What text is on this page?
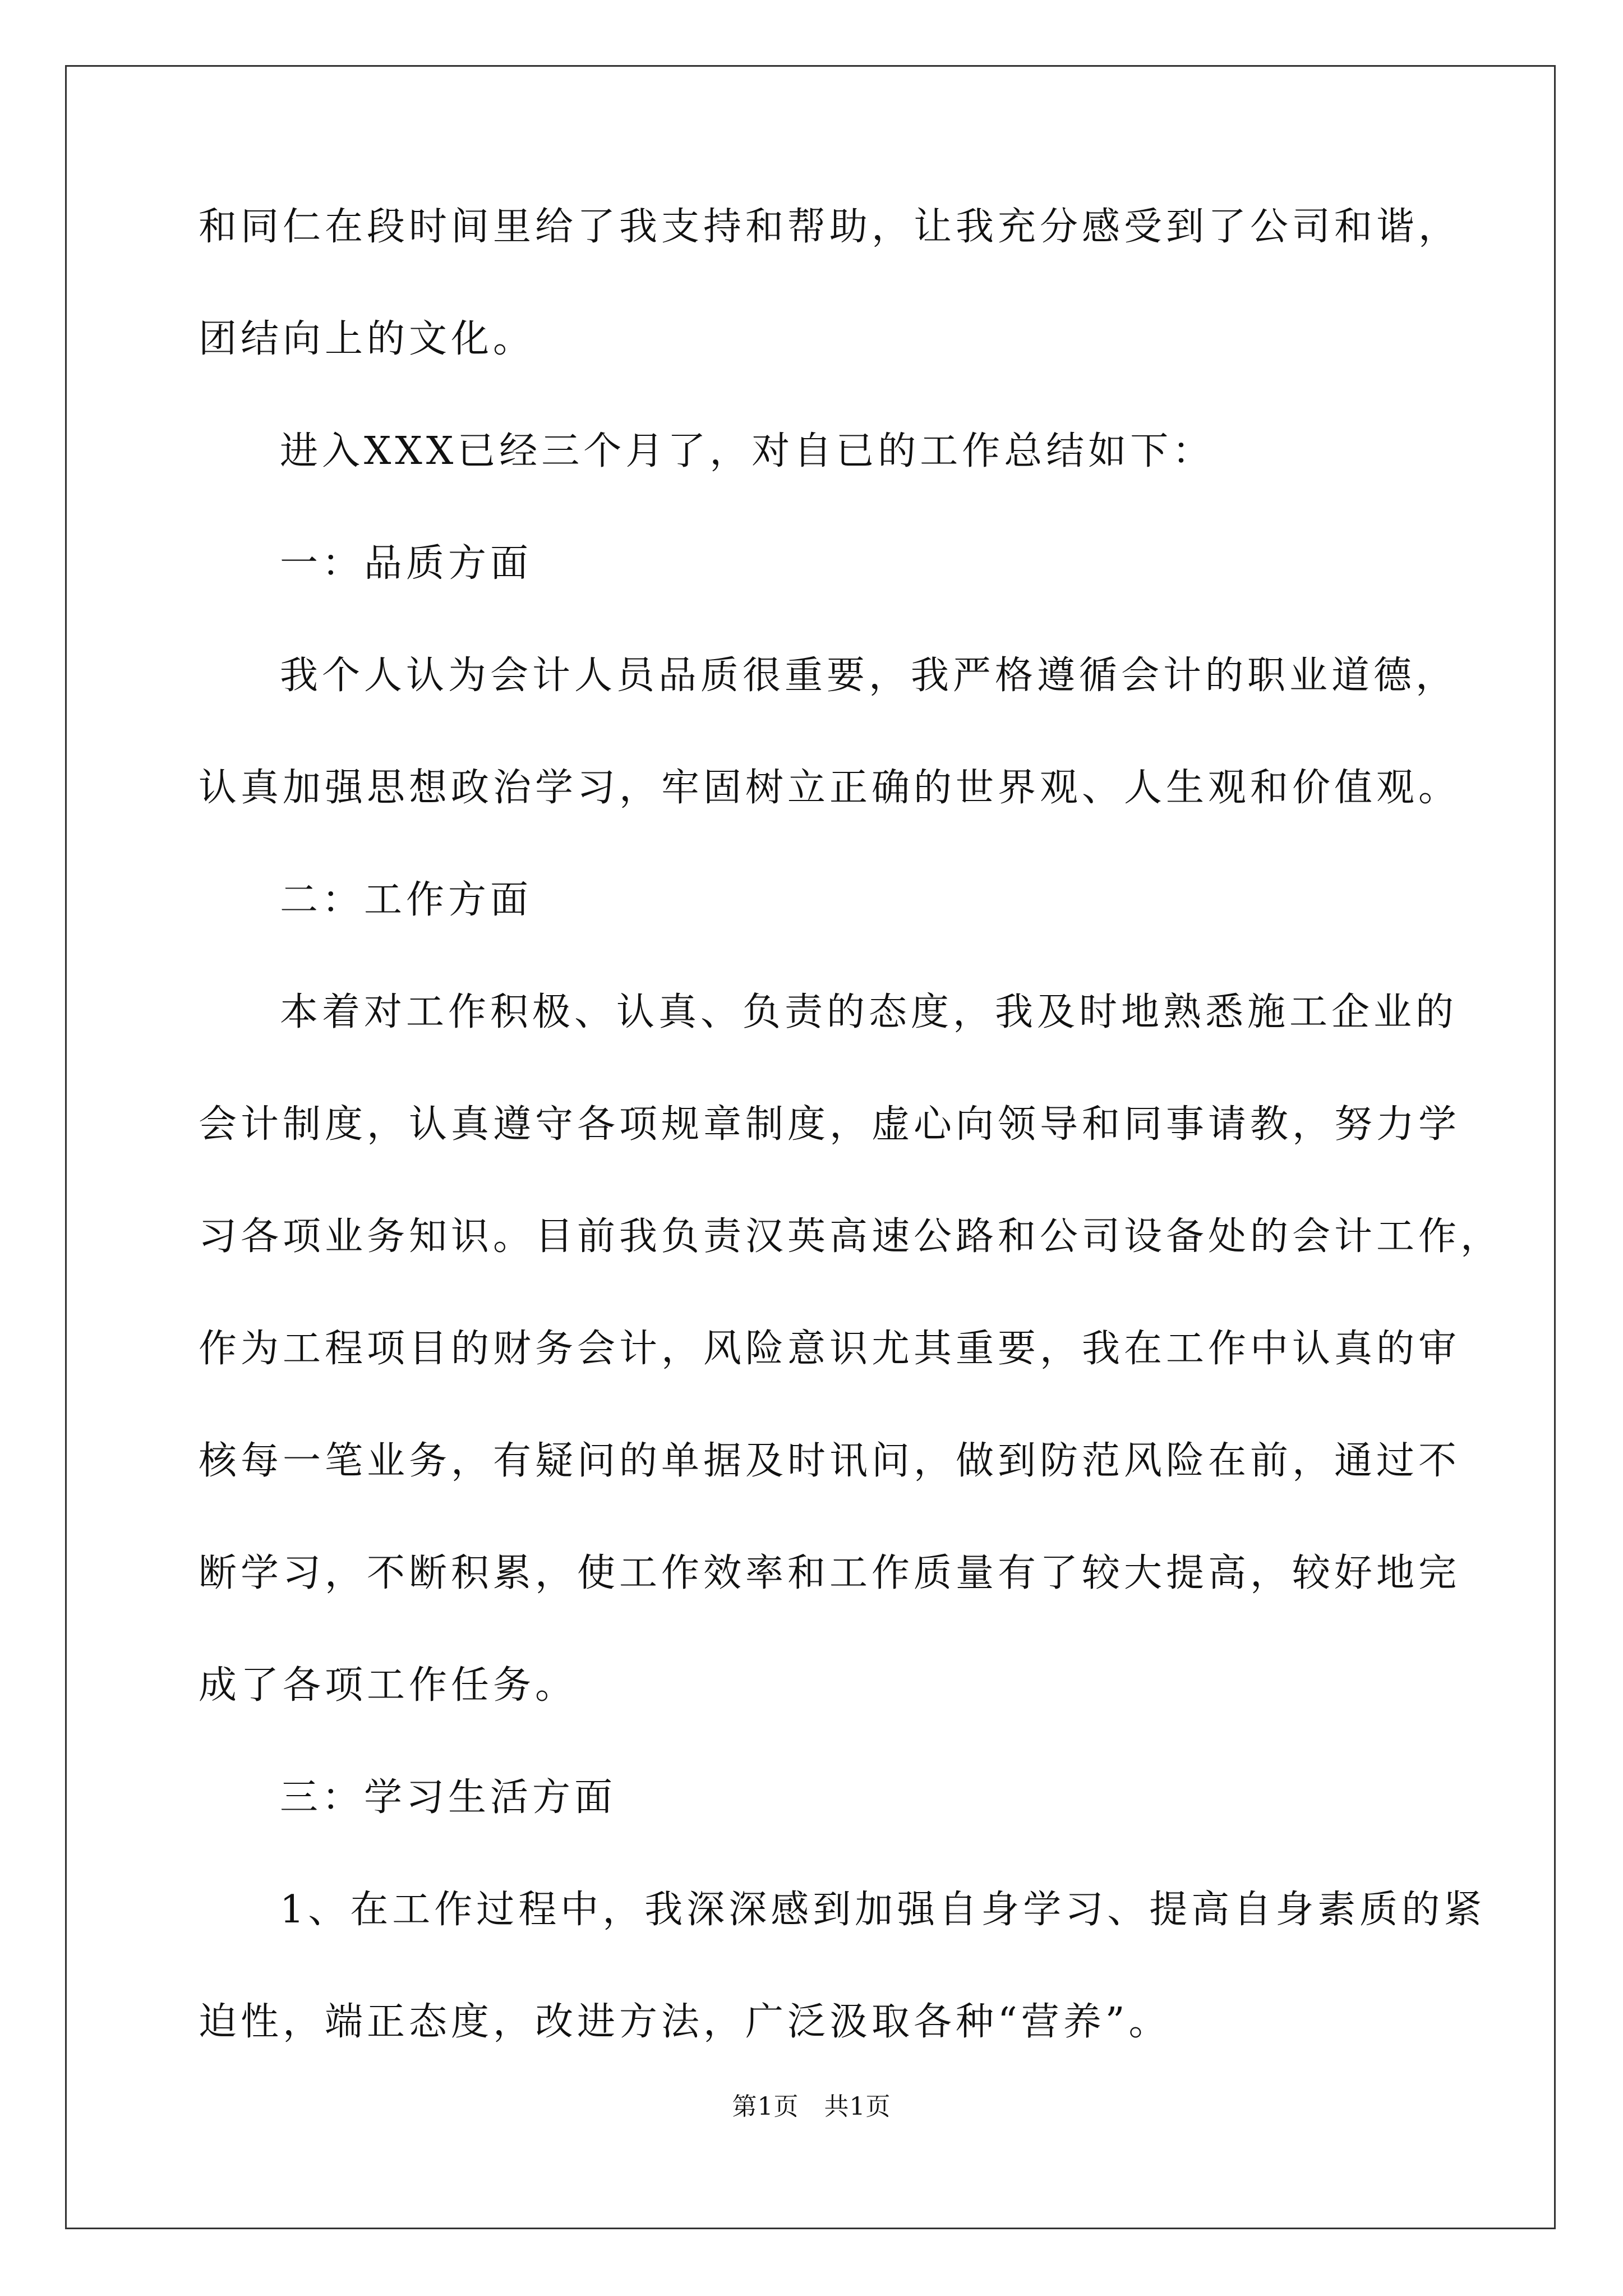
和同仁在段时间里给了我支持和帮助，让我充分感受到了公司和谐，
团结向上的文化。
进入XXX已经三个月了，对自已的工作总结如下：
一：品质方面
我个人认为会计人员品质很重要，我严格遵循会计的职业道德，
认真加强思想政治学习，牢固树立正确的世界观、人生观和价值观。
二：工作方面
本着对工作积极、认真、负责的态度，我及时地熟悉施工企业的
会计制度，认真遵守各项规章制度，虚心向领导和同事请教，努力学
习各项业务知识。目前我负责汉英高速公路和公司设备处的会计工作，
作为工程项目的财务会计，风险意识尤其重要，我在工作中认真的审
核每一笔业务，有疑问的单据及时讯问，做到防范风险在前，通过不
断学习，不断积累，使工作效率和工作质量有了较大提高，较好地完
成了各项工作任务。
三：学习生活方面
1、在工作过程中，我深深感到加强自身学习、提高自身素质的紧
迫性，端正态度，改进方法，广泛汲取各种“营养”。
第1页　共1页
